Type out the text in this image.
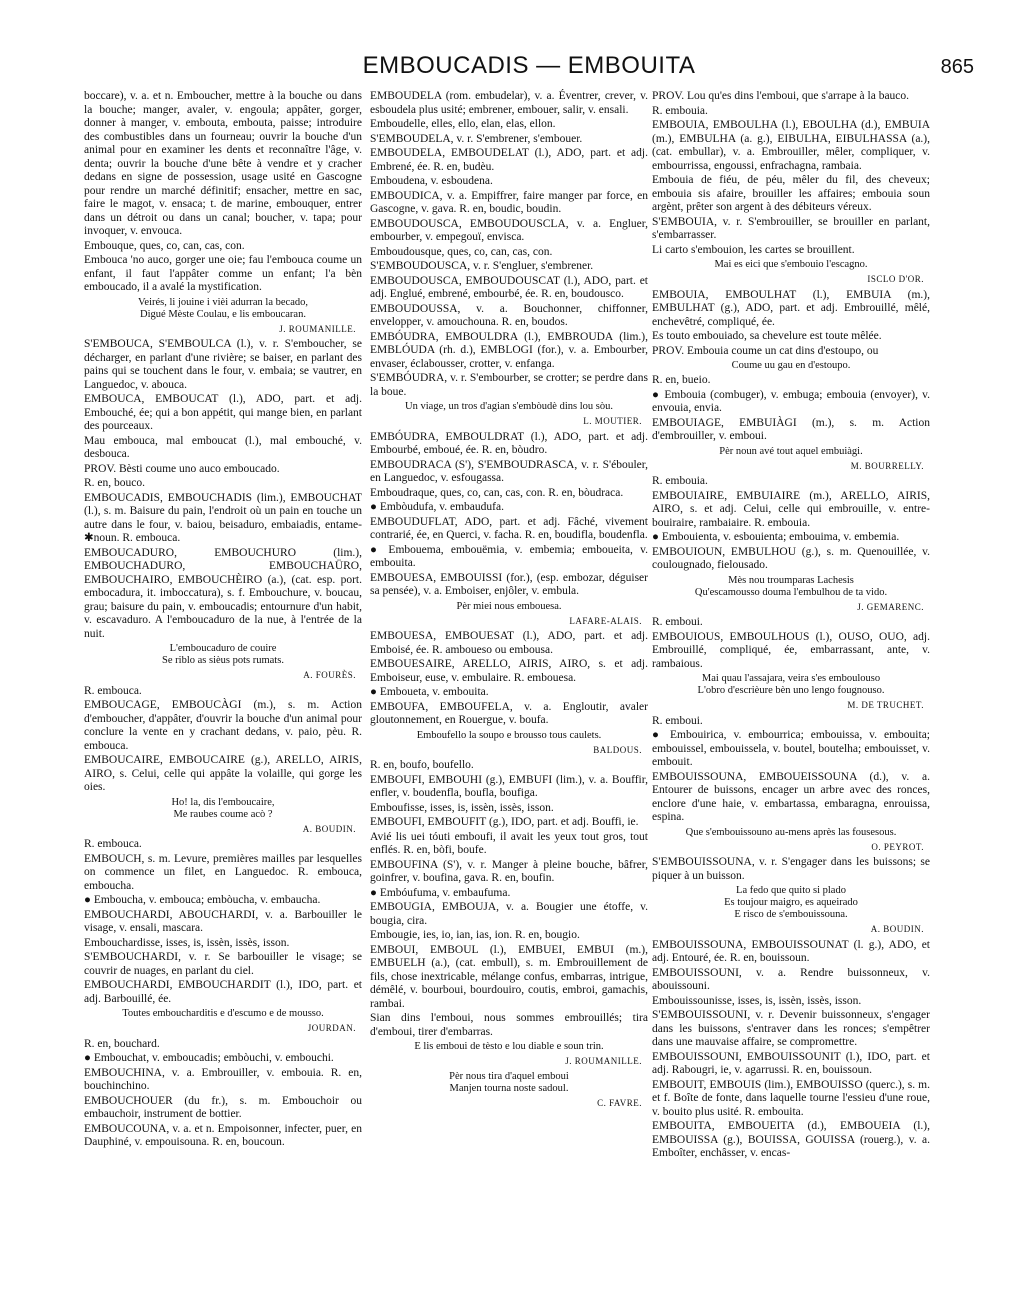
EMBOUCADIS — EMBOUITA	865

boccare), v. a. et n. Emboucher, mettre à la bouche ou dans la bouche; manger, avaler, v. engoula; appâter, gorger, donner à manger, v. embouta, embouta, paisse; introduire des combustibles dans un fourneau; ouvrir la bouche d'un animal pour en examiner les dents et reconnaître l'âge, v. denta; ouvrir la bouche d'une bête à vendre et y cracher dedans en signe de possession, usage usité en Gascogne pour rendre un marché définitif; ensacher, mettre en sac, faire le magot, v. ensaca; t. de marine, embouquer, entrer dans un détroit ou dans un canal; boucher, v. tapa; pour invoquer, v. envouca.

Embouque, ques, co, can, cas, con.

Embouca 'no auco, gorger une oie; fau l'embouca coume un enfant, il faut l'appâter comme un enfant; l'a bèn emboucado, il a avalé la mystification.

Veirés, li jouine i vièi adurran la becado,
Digué Mèste Coulau, e lis emboucaran.
J. ROUMANILLE.

S'EMBOUCA, S'EMBOULCA (l.), v. r. S'emboucher, se décharger, en parlant d'une rivière; se baiser, en parlant des pains qui se touchent dans le four, v. embaia; se vautrer, en Languedoc, v. abouca.

EMBOUCA, EMBOUCAT (l.), ADO, part. et adj. Embouché, ée; qui a bon appétit, qui mange bien, en parlant des pourceaux.

Mau embouca, mal emboucat (l.), mal embouché, v. desbouca.

PROV. Bèsti coume uno auco emboucado.

R. en, bouco.

EMBOUCADIS, EMBOUCHADIS (lim.), EMBOUCHAT (l.), s. m. Baisure du pain, l'endroit où un pain en touche un autre dans le four, v. baiou, beisaduro, embaiadis, entame-✱noun. R. embouca.

EMBOUCADURO, EMBOUCHURO (lim.), EMBOUCHADURO, EMBOUCHAÜRO, EMBOUCHAIRO, EMBOUCHÈIRO (a.), (cat. esp. port. embocadura, it. imboccatura), s. f. Embouchure, v. boucau, grau; baisure du pain, v. emboucadis; entournure d'un habit, v. escavaduro. A l'emboucaduro de la nue, à l'entrée de la nuit.

L'emboucaduro de couire
Se riblo as sièus pots rumats.
A. FOURÈS.

R. embouca.

EMBOUCAGE, EMBOUCÀGI (m.), s. m. Action d'emboucher, d'appâter, d'ouvrir la bouche d'un animal pour conclure la vente en y crachant dedans, v. paio, pèu. R. embouca.

EMBOUCAIRE, EMBOUCAIRE (g.), ARELLO, AIRIS, AIRO, s. Celui, celle qui appâte la volaille, qui gorge les oies.

Ho! la, dis l'emboucaire,
Me raubes coume acò ?
A. BOUDIN.

R. embouca.

EMBOUCH, s. m. Levure, premières mailles par lesquelles on commence un filet, en Languedoc. R. embouca, emboucha.

● Emboucha, v. embouca; embòucha, v. embaucha.

EMBOUCHARDI, ABOUCHARDI, v. a. Barbouiller le visage, v. ensali, mascara.

Embouchardisse, isses, is, issèn, issès, isson.

S'EMBOUCHARDI, v. r. Se barbouiller le visage; se couvrir de nuages, en parlant du ciel.

EMBOUCHARDI, EMBOUCHARDIT (l.), IDO, part. et adj. Barbouillé, ée.

Toutes emboucharditis e d'escumo e de mousso.
JOURDAN.

R. en, bouchard.

● Embouchat, v. emboucadis; embòuchi, v. embouchi.

EMBOUCHINA, v. a. Embrouiller, v. embouia. R. en, bouchinchino.

EMBOUCHOUER (du fr.), s. m. Embouchoir ou embauchoir, instrument de bottier.

EMBOUCOUNA, v. a. et n. Empoisonner, infecter, puer, en Dauphiné, v. empouisouna. R. en, boucoun.

EMBOUDELA (rom. embudelar), v. a. Éventrer, crever, v. esboudela plus usité; embrener, embouer, salir, v. ensali.

Emboudelle, elles, ello, elan, elas, ellon.

S'EMBOUDELA, v. r. S'embrener, s'embouer.

EMBOUDELA, EMBOUDELAT (l.), ADO, part. et adj. Embrené, ée. R. en, budèu.

Emboudena, v. esboudena.

EMBOUDICA, v. a. Empiffrer, faire manger par force, en Gascogne, v. gava. R. en, boudic, boudin.

EMBOUDOUSCA, EMBOUDOUSCLA, v. a. Engluer, embourber, v. empegouï, envisca.

Emboudousque, ques, co, can, cas, con.

S'EMBOUDOUSCA, v. r. S'engluer, s'embrener.

EMBOUDOUSCA, EMBOUDOUSCAT (l.), ADO, part. et adj. Englué, embrené, embourbé, ée. R. en, boudousco.

EMBOUDOUSSA, v. a. Bouchonner, chiffonner, envelopper, v. amouchouna. R. en, boudos.

EMBÓUDRA, EMBOULDRA (l.), EMBROUDA (lim.), EMBLÓUDA (rh. d.), EMBLOGI (for.), v. a. Embourber, envaser, éclabousser, crotter, v. enfanga.

S'EMBÓUDRA, v. r. S'embourber, se crotter; se perdre dans la boue.

Un viage, un tros d'agian s'embòudè dins lou sòu.
L. MOUTIER.

EMBÓUDRA, EMBOULDRAT (l.), ADO, part. et adj. Embourbé, emboué, ée. R. en, bòudro.

EMBOUDRACA (S'), S'EMBOUDRASCA, v. r. S'ébouler, en Languedoc, v. esfougassa.

Emboudraque, ques, co, can, cas, con. R. en, bòudraca.

● Embòudufa, v. embaudufa.

EMBOUDUFLAT, ADO, part. et adj. Fâché, vivement contrarié, ée, en Querci, v. facha. R. en, boudifla, boudenfla.

● Embouema, embouëmia, v. embemia; emboueita, v. embouita.

EMBOUESA, EMBOUISSI (for.), (esp. embozar, déguiser sa pensée), v. a. Emboiser, enjôler, v. embula.

Pèr miei nous embouesa.
LAFARE-ALAIS.

EMBOUESA, EMBOUESAT (l.), ADO, part. et adj. Emboisé, ée. R. amboueso ou embousa.

EMBOUESAIRE, ARELLO, AIRIS, AIRO, s. et adj. Emboiseur, euse, v. embulaire. R. embouesa.

● Emboueta, v. embouita.

EMBOUFA, EMBOUFELA, v. a. Engloutir, avaler gloutonnement, en Rouergue, v. boufa.

Emboufello la soupo e brousso tous caulets.
BALDOUS.

R. en, boufo, boufello.

EMBOUFI, EMBOUHI (g.), EMBUFI (lim.), v. a. Bouffir, enfler, v. boudenfla, boufla, boufiga.

Emboufisse, isses, is, issèn, issès, isson.

EMBOUFI, EMBOUFIT (g.), IDO, part. et adj. Bouffi, ie.

Avié lis uei tóuti emboufi, il avait les yeux tout gros, tout enflés. R. en, bòfi, boufe.

EMBOUFINA (S'), v. r. Manger à pleine bouche, bâfrer, goinfrer, v. boufina, gava. R. en, boufin.

● Embóufuma, v. embaufuma.

EMBOUGIA, EMBOUJA, v. a. Bougier une étoffe, v. bougia, cira.

Embougie, ies, io, ian, ias, ion. R. en, bougio.

EMBOUI, EMBOUL (l.), EMBUEI, EMBUI (m.), EMBUELH (a.), (cat. embull), s. m. Embrouillement de fils, chose inextricable, mélange confus, embarras, intrigue, démêlé, v. bourboui, bourdouiro, coutis, embroi, gamachis, rambai.

Sian dins l'emboui, nous sommes embrouillés; tira d'emboui, tirer d'embarras.

E lis emboui de tèsto e lou diable e soun trin.
J. ROUMANILLE.
Pèr nous tira d'aquel emboui
Manjen tourna noste sadoul.
C. FAVRE.

PROV. Lou qu'es dins l'emboui, que s'arrape à la bauco.

R. embouia.

EMBOUIA, EMBOULHA (l.), EBOULHA (d.), EMBUIA (m.), EMBULHA (a. g.), EIBULHA, EIBULHASSA (a.), (cat. embullar), v. a. Embrouiller, mêler, compliquer, v. embourrissa, engoussi, enfrachagna, rambaia.

Embouia de fiéu, de péu, mêler du fil, des cheveux; embouia sis afaire, brouiller les affaires; embouia soun argènt, prêter son argent à des débiteurs véreux.

S'EMBOUIA, v. r. S'embrouiller, se brouiller en parlant, s'embarrasser.

Li carto s'embouion, les cartes se brouillent.

Mai es eici que s'embouio l'escagno.
ISCLO D'OR.

EMBOUIA, EMBOULHAT (l.), EMBUIA (m.), EMBULHAT (g.), ADO, part. et adj. Embrouillé, mêlé, enchevêtré, compliqué, ée.

Es touto embouiado, sa chevelure est toute mêlée.

PROV. Embouia coume un cat dins d'estoupo, ou

Coume uu gau en d'estoupo.

R. en, bueio.

● Embouia (combuger), v. embuga; embouia (envoyer), v. envouia, envia.

EMBOUIAGE, EMBUIÀGI (m.), s. m. Action d'embrouiller, v. emboui.

Pèr noun avé tout aquel embuiàgi.
M. BOURRELLY.

R. embouia.

EMBOUIAIRE, EMBUIAIRE (m.), ARELLO, AIRIS, AIRO, s. et adj. Celui, celle qui embrouille, v. entre-bouiraire, rambaiaire. R. embouia.

● Embouienta, v. esbouienta; embouima, v. embemia.

EMBOUIOUN, EMBULHOU (g.), s. m. Quenouillée, v. coulougnado, fielousado.

Mès nou troumparas Lachesis
Qu'escamousso douma l'embulhou de ta vido.
J. GEMARENC.

R. emboui.

EMBOUIOUS, EMBOULHOUS (l.), OUSO, OUO, adj. Embrouillé, compliqué, ée, embarrassant, ante, v. rambaious.

Mai quau l'assajara, veira s'es emboulouso
L'obro d'escrièure bèn uno lengo fougnouso.
M. DE TRUCHET.

R. emboui.

● Embouirica, v. embourrica; embouissa, v. embouita; embouissel, embouissela, v. boutel, boutelha; embouisset, v. embouit.

EMBOUISSOUNA, EMBOUEISSOUNA (d.), v. a. Entourer de buissons, encager un arbre avec des ronces, enclore d'une haie, v. embartassa, embaragna, enrouissa, espina.

Que s'embouissouno au-mens après las fousesous.
O. PEYROT.

S'EMBOUISSOUNA, v. r. S'engager dans les buissons; se piquer à un buisson.

La fedo que quito si plado
Es toujour maigro, es aqueirado
E risco de s'embouissouna.
A. BOUDIN.

EMBOUISSOUNA, EMBOUISSOUNAT (l. g.), ADO, et adj. Entouré, ée. R. en, bouissoun.

EMBOUISSOUNI, v. a. Rendre buissonneux, v. abouissouni.

Embouissounisse, isses, is, issèn, issès, isson.

S'EMBOUISSOUNI, v. r. Devenir buissonneux, s'engager dans les buissons, s'entraver dans les ronces; s'empêtrer dans une mauvaise affaire, se compromettre.

EMBOUISSOUNI, EMBOUISSOUNIT (l.), IDO, part. et adj. Rabougri, ie, v. agarrussi. R. en, bouissoun.

EMBOUIT, EMBOUIS (lim.), EMBOUISSO (querc.), s. m. et f. Boîte de fonte, dans laquelle tourne l'essieu d'une roue, v. bouito plus usité. R. embouita.

EMBOUITA, EMBOUEITA (d.), EMBOUEIA (l.), EMBOUISSA (g.), BOUISSA, GOUISSA (rouerg.), v. a. Emboîter, enchâsser, v. encas-
